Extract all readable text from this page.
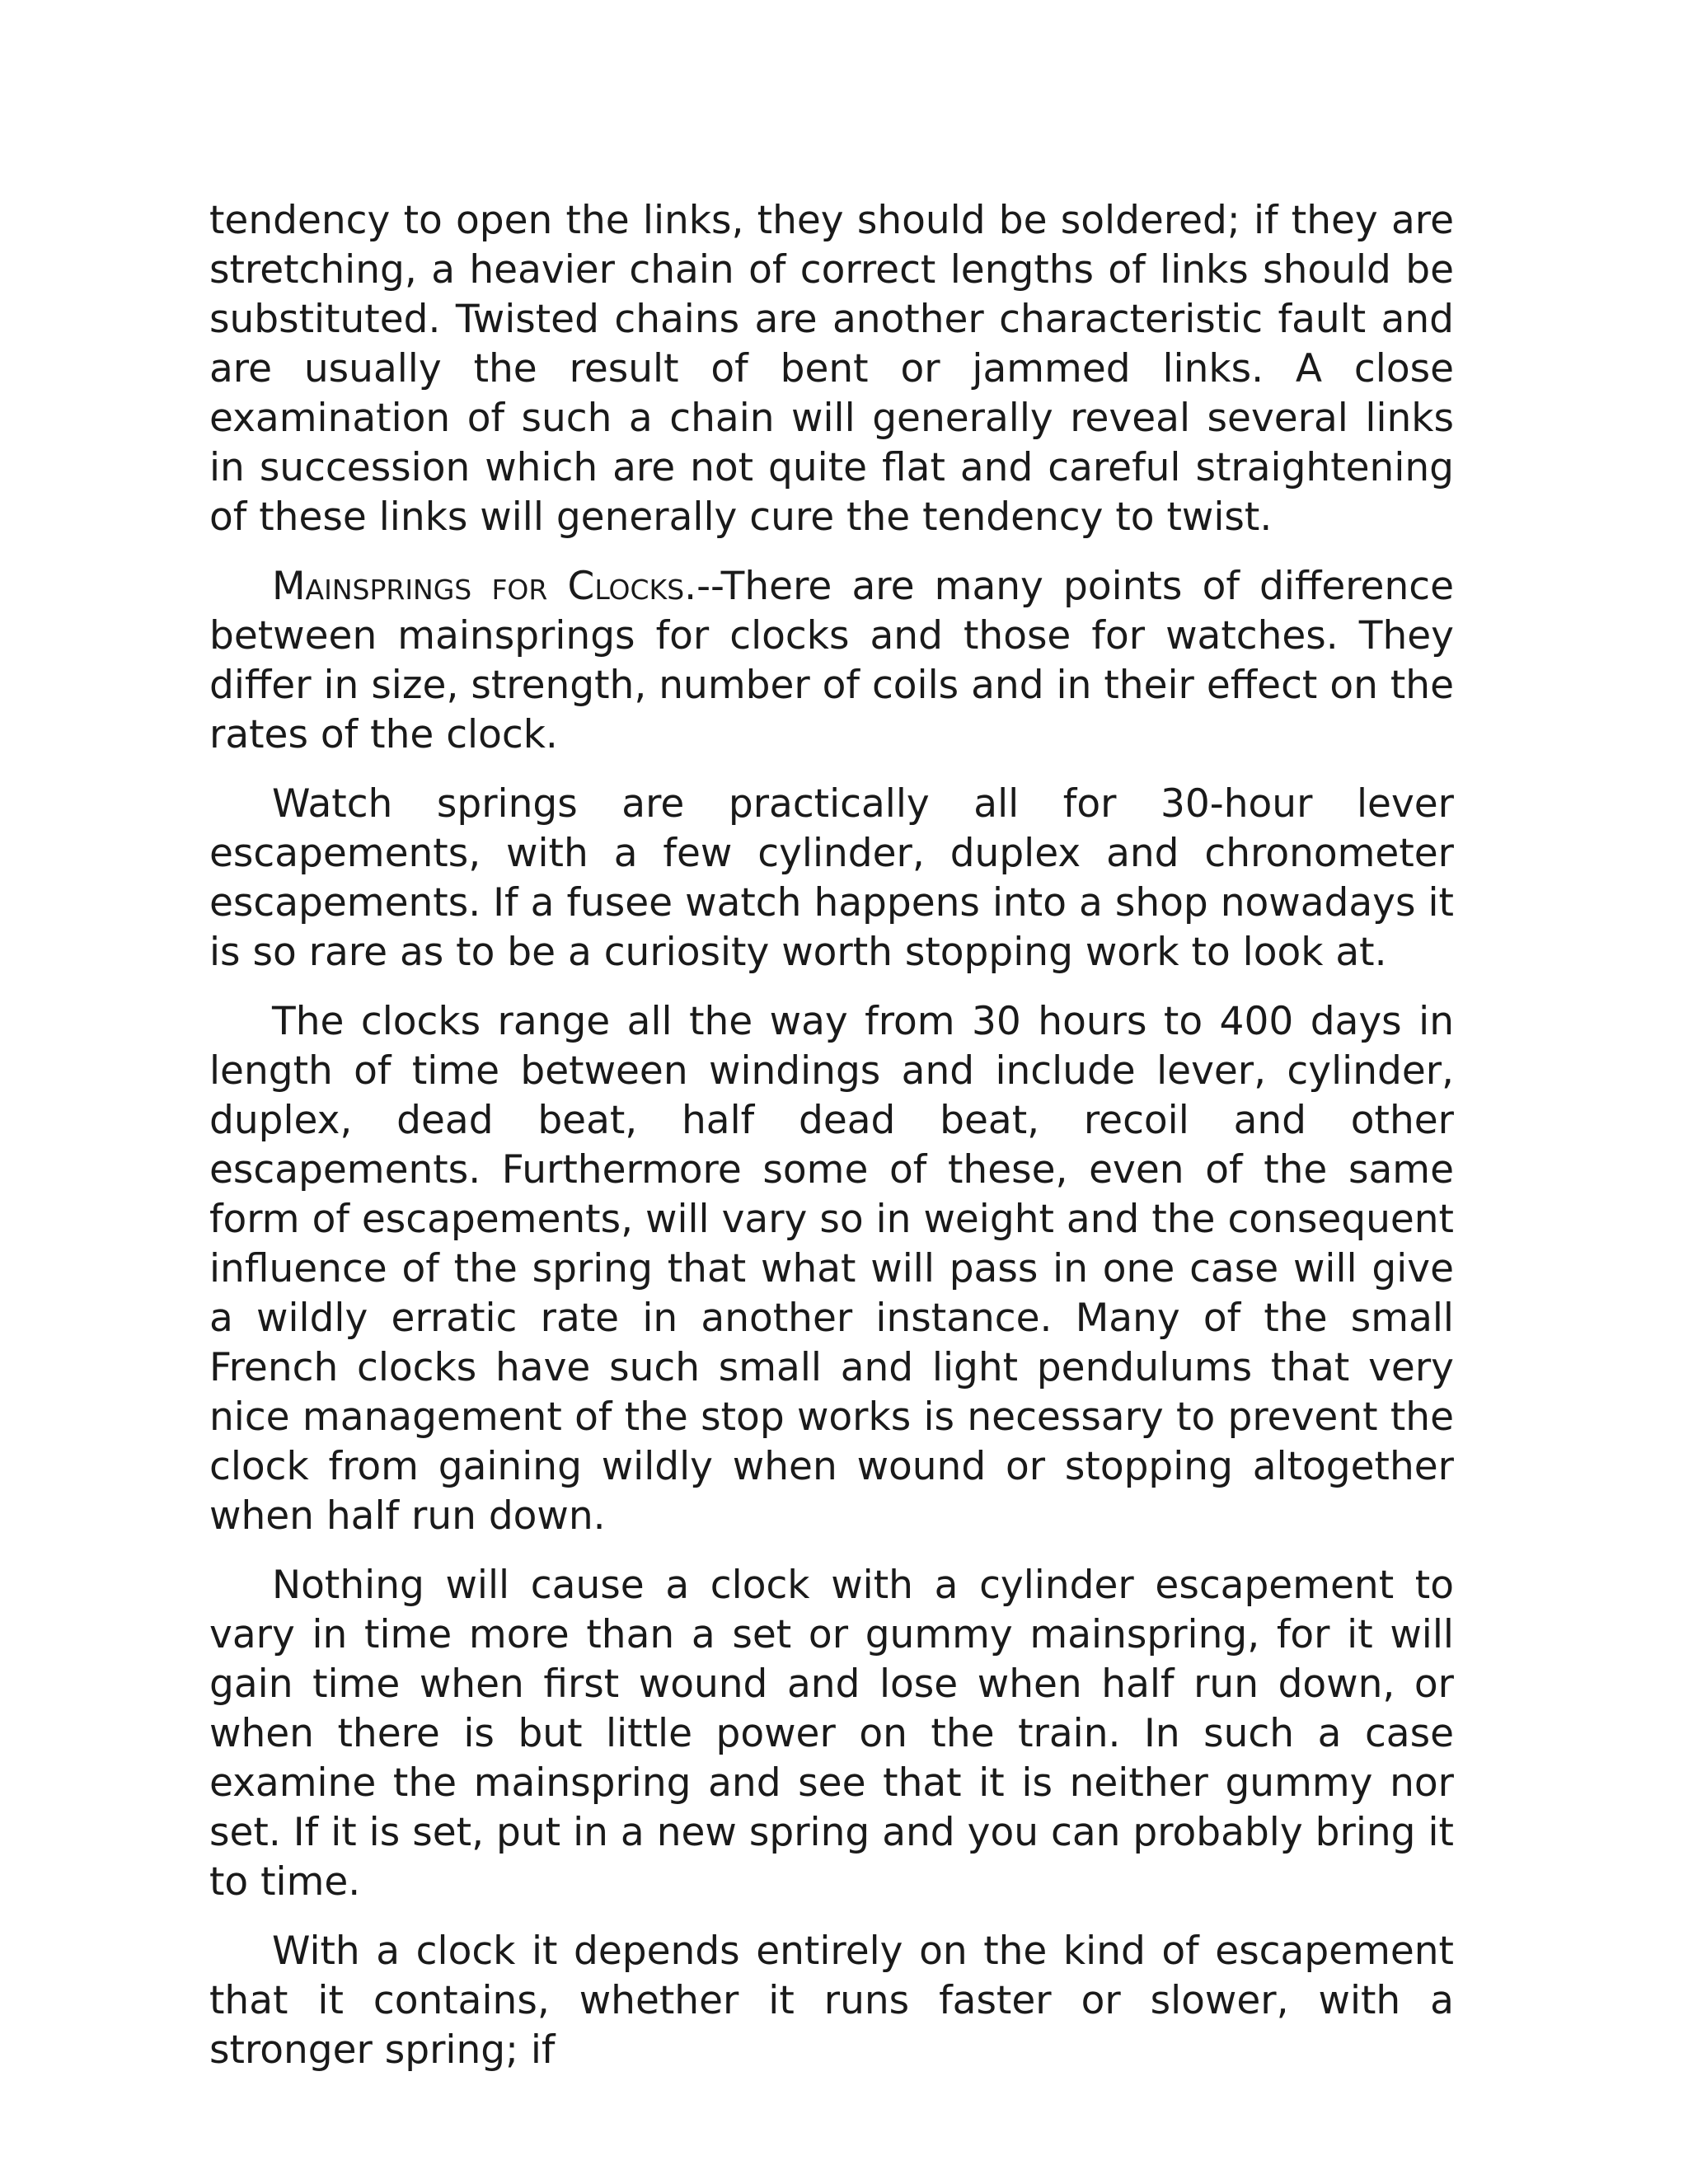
tendency to open the links, they should be soldered; if they are stretching, a heavier chain of correct lengths of links should be substituted. Twisted chains are another characteristic fault and are usually the result of bent or jammed links. A close examination of such a chain will generally reveal several links in succession which are not quite flat and careful straightening of these links will generally cure the tendency to twist.

Mainsprings for Clocks.--There are many points of difference between mainsprings for clocks and those for watches. They differ in size, strength, number of coils and in their effect on the rates of the clock.

Watch springs are practically all for 30-hour lever escapements, with a few cylinder, duplex and chronometer escapements. If a fusee watch happens into a shop nowadays it is so rare as to be a curiosity worth stopping work to look at.

The clocks range all the way from 30 hours to 400 days in length of time between windings and include lever, cylinder, duplex, dead beat, half dead beat, recoil and other escapements. Furthermore some of these, even of the same form of escapements, will vary so in weight and the consequent influence of the spring that what will pass in one case will give a wildly erratic rate in another instance. Many of the small French clocks have such small and light pendulums that very nice management of the stop works is necessary to prevent the clock from gaining wildly when wound or stopping altogether when half run down.

Nothing will cause a clock with a cylinder escapement to vary in time more than a set or gummy mainspring, for it will gain time when first wound and lose when half run down, or when there is but little power on the train. In such a case examine the mainspring and see that it is neither gummy nor set. If it is set, put in a new spring and you can probably bring it to time.

With a clock it depends entirely on the kind of escapement that it contains, whether it runs faster or slower, with a stronger spring; if
